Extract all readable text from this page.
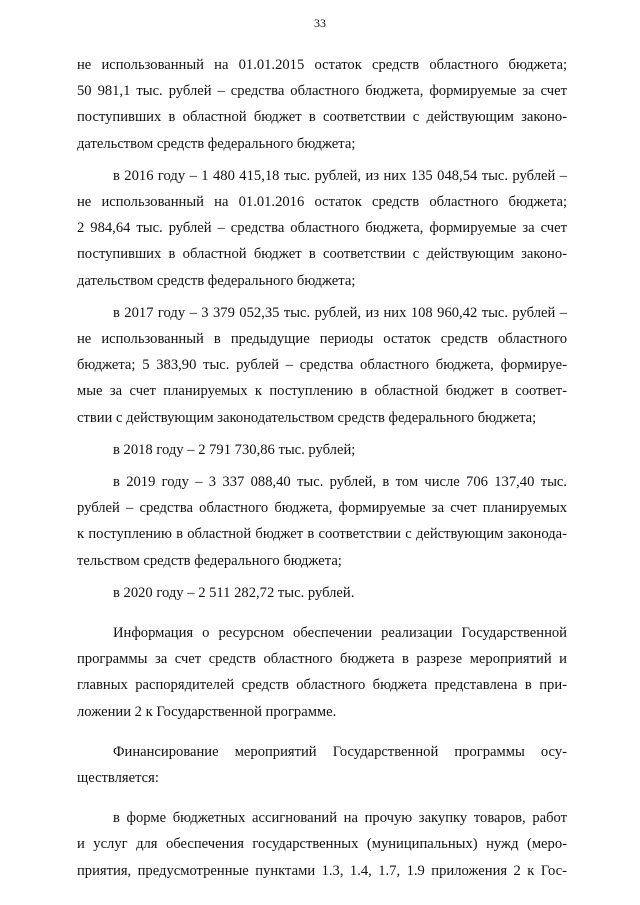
33

не использованный на 01.01.2015 остаток средств областного бюджета;
50 981,1 тыс. рублей – средства областного бюджета, формируемые за счет
поступивших в областной бюджет в соответствии с действующим законо-
дательством средств федерального бюджета;

в 2016 году – 1 480 415,18 тыс. рублей, из них 135 048,54 тыс. рублей –
не использованный на 01.01.2016 остаток средств областного бюджета;
2 984,64 тыс. рублей – средства областного бюджета, формируемые за счет
поступивших в областной бюджет в соответствии с действующим законо-
дательством средств федерального бюджета;

в 2017 году – 3 379 052,35 тыс. рублей, из них 108 960,42 тыс. рублей –
не использованный в предыдущие периоды остаток средств областного
бюджета; 5 383,90 тыс. рублей – средства областного бюджета, формируе-
мые за счет планируемых к поступлению в областной бюджет в соответ-
ствии с действующим законодательством средств федерального бюджета;

в 2018 году – 2 791 730,86 тыс. рублей;

в 2019 году – 3 337 088,40 тыс. рублей, в том числе 706 137,40 тыс.
рублей – средства областного бюджета, формируемые за счет планируемых
к поступлению в областной бюджет в соответствии с действующим законода-
тельством средств федерального бюджета;

в 2020 году – 2 511 282,72 тыс. рублей.

Информация о ресурсном обеспечении реализации Государственной
программы за счет средств областного бюджета в разрезе мероприятий и
главных распорядителей средств областного бюджета представлена в при-
ложении 2 к Государственной программе.

Финансирование мероприятий Государственной программы осу-
ществляется:

в форме бюджетных ассигнований на прочую закупку товаров, работ
и услуг для обеспечения государственных (муниципальных) нужд (меро-
приятия, предусмотренные пунктами 1.3, 1.4, 1.7, 1.9 приложения 2 к Гос-
